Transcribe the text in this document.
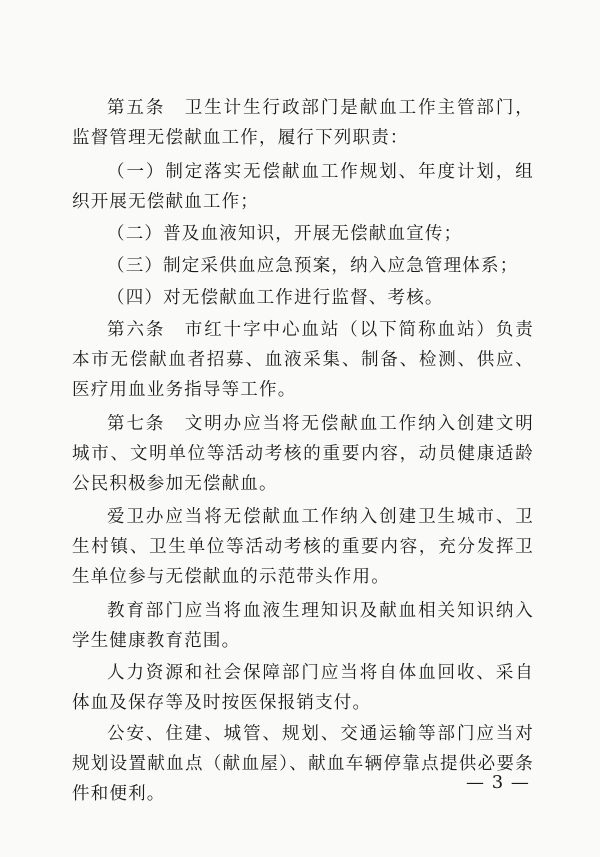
第五条　卫生计生行政部门是献血工作主管部门，监督管理无偿献血工作，履行下列职责：

（一）制定落实无偿献血工作规划、年度计划，组织开展无偿献血工作；

（二）普及血液知识，开展无偿献血宣传；

（三）制定采供血应急预案，纳入应急管理体系；

（四）对无偿献血工作进行监督、考核。

第六条　市红十字中心血站（以下简称血站）负责本市无偿献血者招募、血液采集、制备、检测、供应、医疗用血业务指导等工作。

第七条　文明办应当将无偿献血工作纳入创建文明城市、文明单位等活动考核的重要内容，动员健康适龄公民积极参加无偿献血。

爱卫办应当将无偿献血工作纳入创建卫生城市、卫生村镇、卫生单位等活动考核的重要内容，充分发挥卫生单位参与无偿献血的示范带头作用。

教育部门应当将血液生理知识及献血相关知识纳入学生健康教育范围。

人力资源和社会保障部门应当将自体血回收、采自体血及保存等及时按医保报销支付。

公安、住建、城管、规划、交通运输等部门应当对规划设置献血点（献血屋）、献血车辆停靠点提供必要条件和便利。

— 3 —
